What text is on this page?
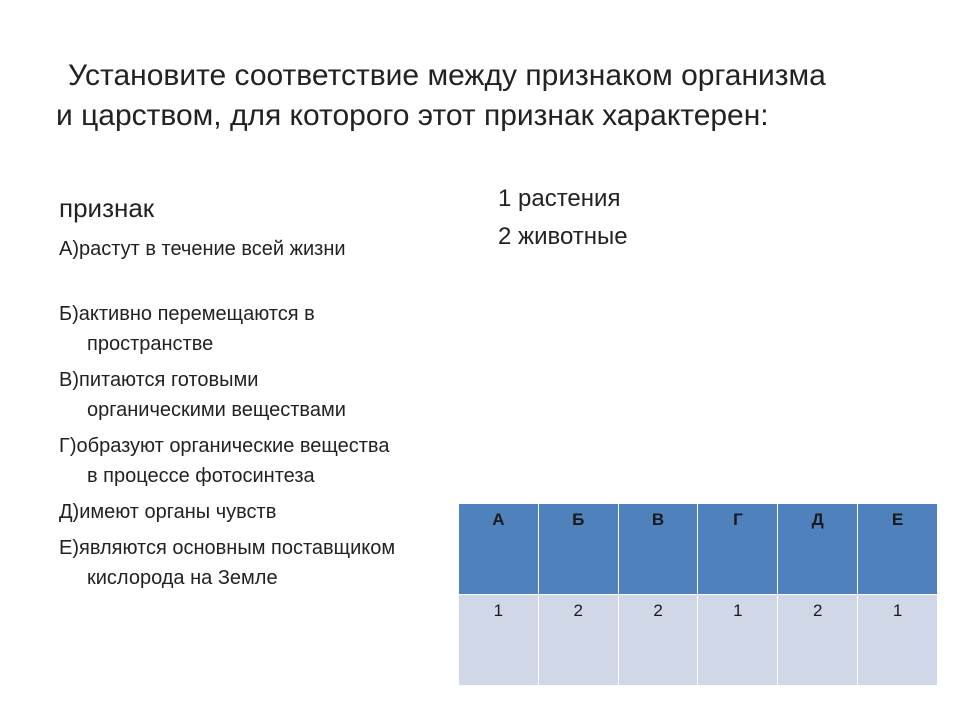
Установите соответствие между признаком организма
и царством, для которого этот признак характерен:

признак

А)растут в течение всей жизни

Б)активно перемещаются в
пространстве

В)питаются готовыми
органическими веществами

Г)образуют органические вещества
в процессе фотосинтеза

Д)имеют органы чувств

Е)являются основным поставщиком
кислорода на Земле

1 растения

2 животные

А	Б	В	Г	Д	Е
1	2	2	1	2	1
